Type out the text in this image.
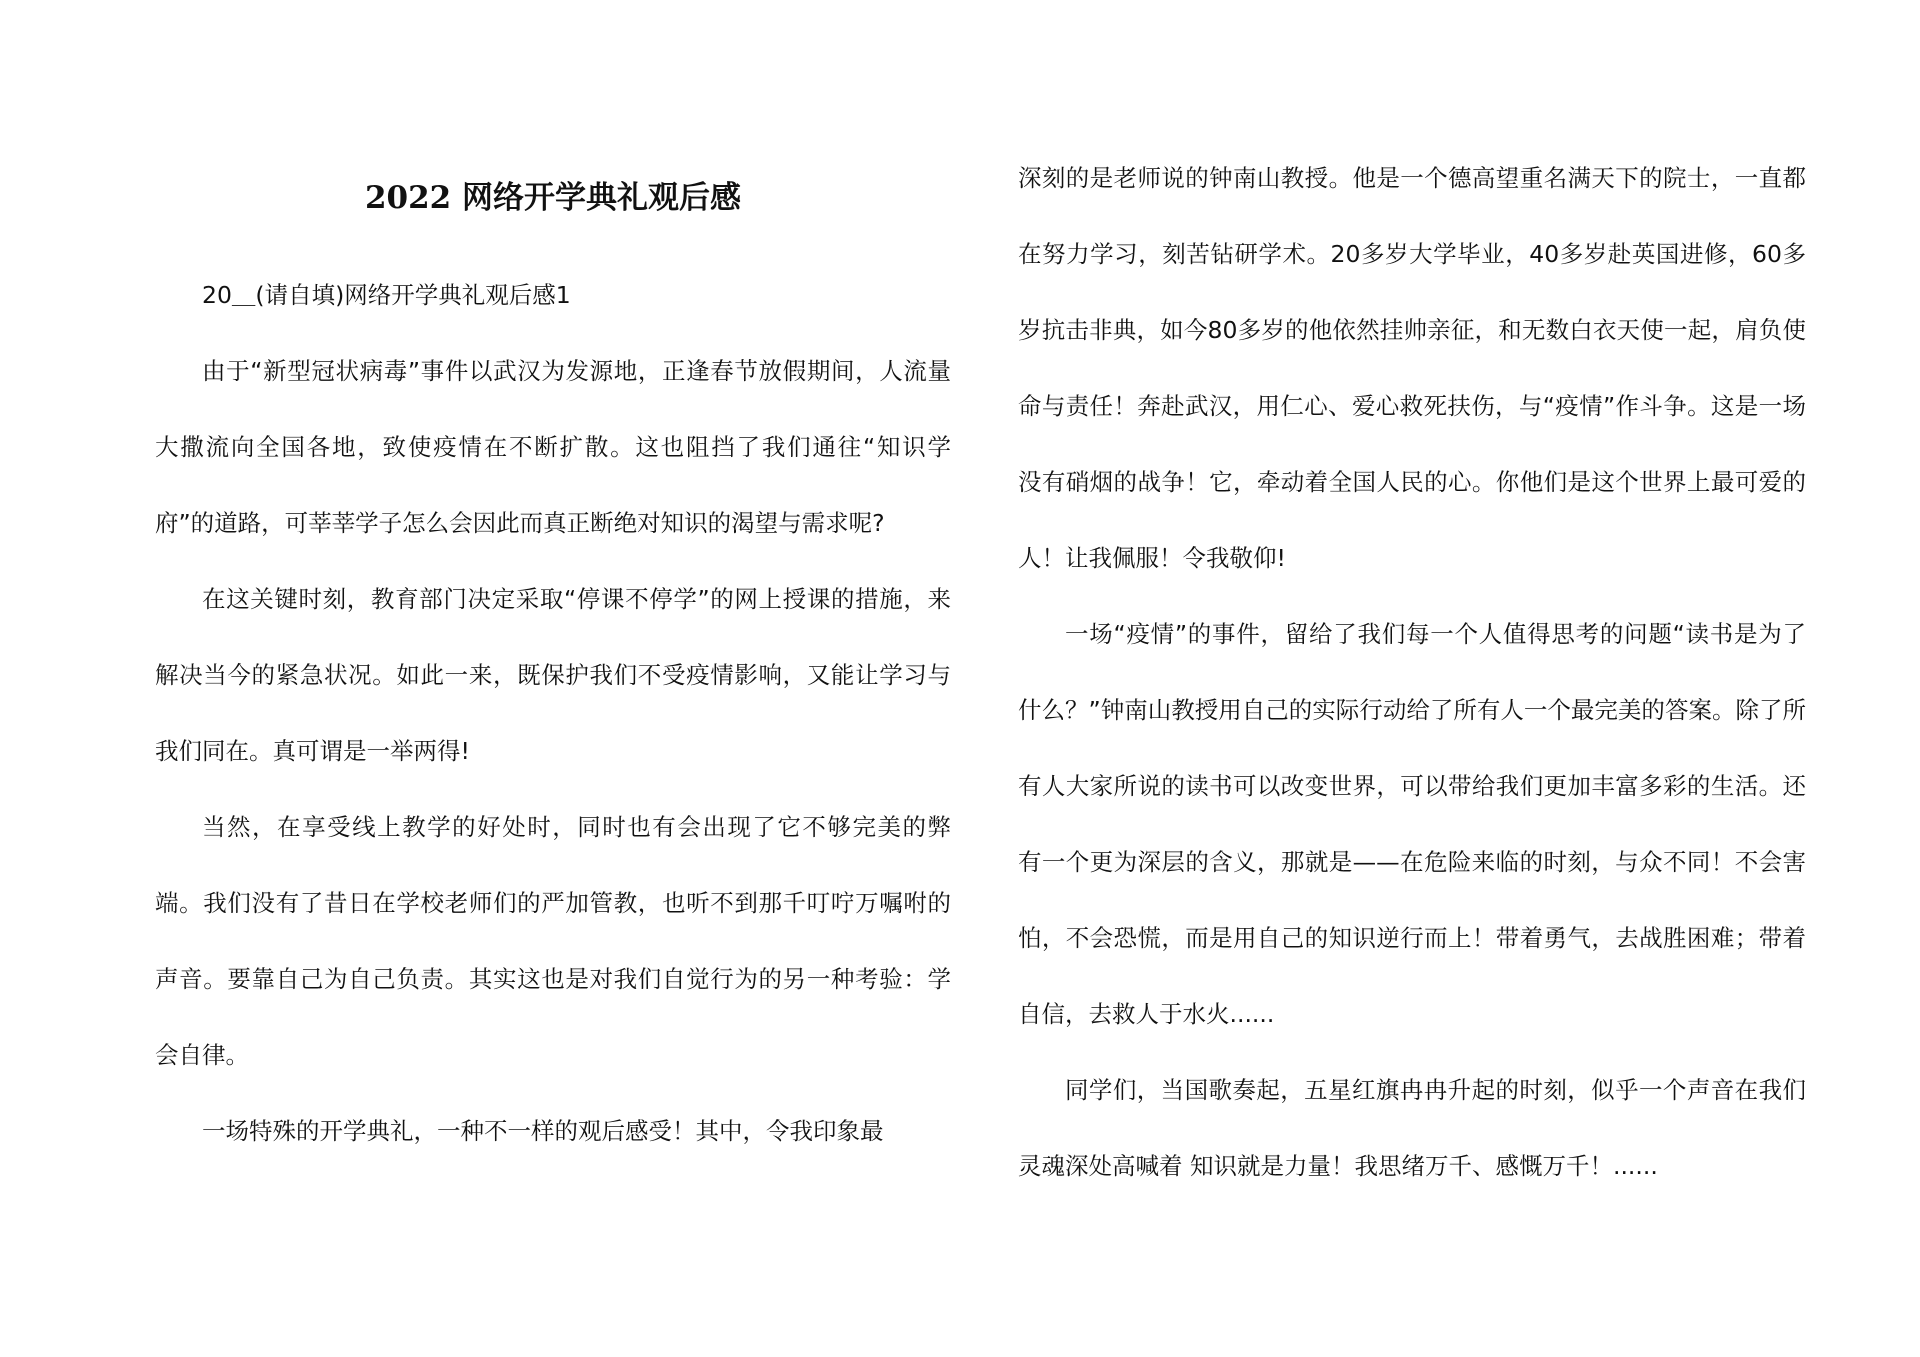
2022 网络开学典礼观后感

20＿(请自填)网络开学典礼观后感1

由于“新型冠状病毒”事件以武汉为发源地，正逢春节放假期间，人流量大撒流向全国各地，致使疫情在不断扩散。这也阻挡了我们通往“知识学府”的道路，可莘莘学子怎么会因此而真正断绝对知识的渴望与需求呢?

在这关键时刻，教育部门决定采取“停课不停学”的网上授课的措施，来解决当今的紧急状况。如此一来，既保护我们不受疫情影响，又能让学习与我们同在。真可谓是一举两得!

当然，在享受线上教学的好处时，同时也有会出现了它不够完美的弊端。我们没有了昔日在学校老师们的严加管教，也听不到那千叮咛万嘱咐的声音。要靠自己为自己负责。其实这也是对我们自觉行为的另一种考验：学会自律。

一场特殊的开学典礼，一种不一样的观后感受！其中，令我印象最

深刻的是老师说的钟南山教授。他是一个德高望重名满天下的院士，一直都在努力学习，刻苦钻研学术。20多岁大学毕业，40多岁赴英国进修，60多岁抗击非典，如今80多岁的他依然挂帅亲征，和无数白衣天使一起，肩负使命与责任！奔赴武汉，用仁心、爱心救死扶伤，与“疫情”作斗争。这是一场没有硝烟的战争！它，牵动着全国人民的心。你他们是这个世界上最可爱的人！让我佩服！令我敬仰!

一场“疫情”的事件，留给了我们每一个人值得思考的问题“读书是为了什么？”钟南山教授用自己的实际行动给了所有人一个最完美的答案。除了所有人大家所说的读书可以改变世界，可以带给我们更加丰富多彩的生活。还有一个更为深层的含义，那就是——在危险来临的时刻，与众不同！不会害怕，不会恐慌，而是用自己的知识逆行而上！带着勇气，去战胜困难；带着自信，去救人于水火......

同学们，当国歌奏起，五星红旗冉冉升起的时刻，似乎一个声音在我们灵魂深处高喊着 知识就是力量！我思绪万千、感慨万千！......
